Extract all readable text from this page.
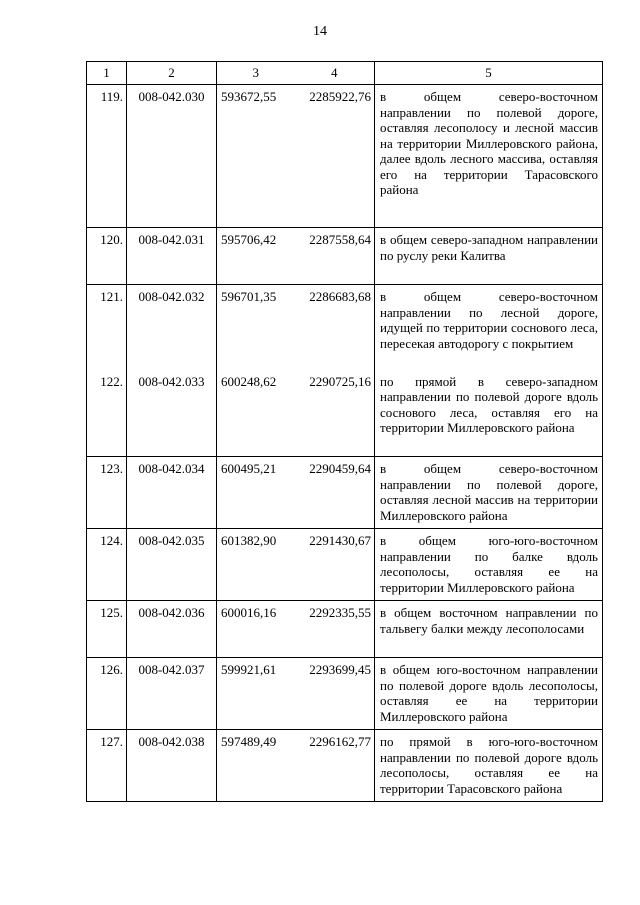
14
1	2	3	4	5
119.	008-042.030	593672,55	2285922,76	в общем северо-восточном направлении по полевой дороге, оставляя лесополосу и лесной массив на территории Миллеровского района, далее вдоль лесного массива, оставляя его на территории Тарасовского района
120.	008-042.031	595706,42	2287558,64	в общем северо-западном направлении по руслу реки Калитва
121.	008-042.032	596701,35	2286683,68	в общем северо-восточном направлении по лесной дороге, идущей по территории соснового леса, пересекая автодорогу с покрытием
122.	008-042.033	600248,62	2290725,16	по прямой в северо-западном направлении по полевой дороге вдоль соснового леса, оставляя его на территории Миллеровского района
123.	008-042.034	600495,21	2290459,64	в общем северо-восточном направлении по полевой дороге, оставляя лесной массив на территории Миллеровского района
124.	008-042.035	601382,90	2291430,67	в общем юго-юго-восточном направлении по балке вдоль лесополосы, оставляя ее на территории Миллеровского района
125.	008-042.036	600016,16	2292335,55	в общем восточном направлении по тальвегу балки между лесополосами
126.	008-042.037	599921,61	2293699,45	в общем юго-восточном направлении по полевой дороге вдоль лесополосы, оставляя ее на территории Миллеровского района
127.	008-042.038	597489,49	2296162,77	по прямой в юго-юго-восточном направлении по полевой дороге вдоль лесополосы, оставляя ее на территории Тарасовского района
